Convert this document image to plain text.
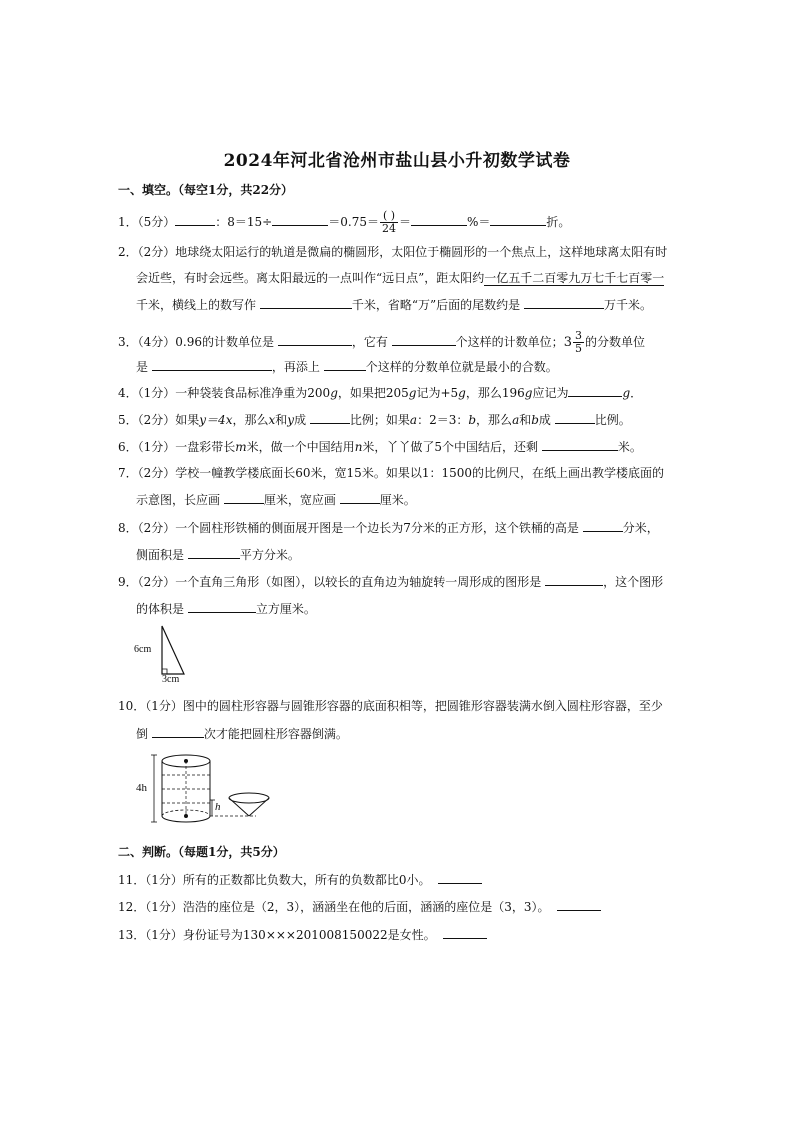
2024年河北省沧州市盐山县小升初数学试卷
一、填空。（每空1分，共22分）
1．（5分）	：8＝15÷	$=0.75= \frac{( )}{24}$ ＝	%＝	折。
2．（2分）地球绕太阳运行的轨道是微扁的椭圆形，太阳位于椭圆形的一个焦点上，这样地球离太阳有时
会近些，有时会远些。离太阳最远的一点叫作“远日点”，距太阳约一亿五千二百零九万七千七百零一
千米，横线上的数写作	千米，省略“万”后面的尾数约是	万千米。
3．（4分）0.96的计数单位是	，它有	个这样的计数单位；$3 \frac{3}{5}$ 的分数单位
是	，再添上	个这样的分数单位就是最小的合数。
4．（1分）一种袋装食品标准净重为200g，如果把205g记为+5g，那么196g应记为	g．
5．（2分）如果y＝4x，那么x和y成	比例；如果a：2＝3：b，那么a和b成	比例。
6．（1分）一盘彩带长m米，做一个中国结用n米，丫丫做了5个中国结后，还剩	米。
7．（2分）学校一幢教学楼底面长60米，宽15米。如果以1：1500的比例尺，在纸上画出教学楼底面的
示意图，长应画	厘米，宽应画	厘米。
8．（2分）一个圆柱形铁桶的侧面展开图是一个边长为7分米的正方形，这个铁桶的高是	分米，
侧面积是	平方分米。
9．（2分）一个直角三角形（如图），以较长的直角边为轴旋转一周形成的图形是	，这个图形
的体积是	立方厘米。
6cm
3cm
10．（1分）图中的圆柱形容器与圆锥形容器的底面积相等，把圆锥形容器装满水倒入圆柱形容器，至少
倒	次才能把圆柱形容器倒满。
4h
h
二、判断。（每题1分，共5分）
11．（1分）所有的正数都比负数大，所有的负数都比0小。
12．（1分）浩浩的座位是（2，3），涵涵坐在他的后面，涵涵的座位是（3，3）。
13．（1分）身份证号为130×××201008150022是女性。
